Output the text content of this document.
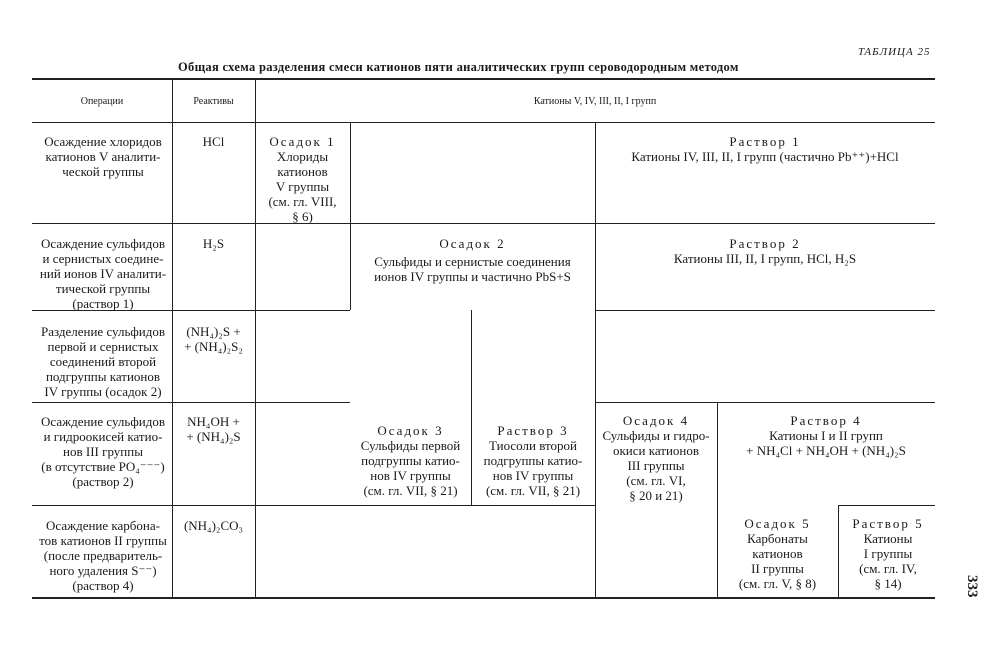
ТАБЛИЦА 25
Общая схема разделения смеси катионов пяти аналитических групп сероводородным методом
333
Операции	Реактивы	Катионы V, IV, III, II, I групп
Осаждение хлоридов
катионов V аналити-
ческой группы
Осаждение сульфидов
и сернистых соедине-
ний ионов IV аналити-
тической группы
(раствор 1)
Разделение сульфидов
первой и сернистых
соединений второй
подгруппы катионов
IV группы (осадок 2)
Осаждение сульфидов
и гидроокисей катио-
нов III группы
(в отсутствие PO₄⁻⁻⁻)
(раствор 2)
Осаждение карбона-
тов катионов II группы
(после предваритель-
ного удаления S⁻⁻)
(раствор 4)
HCl
H₂S
(NH₄)₂S +
+ (NH₄)₂S₂
NH₄OH +
+ (NH₄)₂S
(NH₄)₂CO₃
Осадок 1
Хлориды
катионов
V группы
(см. гл. VIII,
§ 6)
Раствор 1
Катионы IV, III, II, I групп (частично Pb⁺⁺)+HCl
Осадок 2
Сульфиды и сернистые соединения
ионов IV группы и частично PbS+S
Раствор 2
Катионы III, II, I групп, HCl, H₂S
Осадок 3
Сульфиды первой
подгруппы катио-
нов IV группы
(см. гл. VII, § 21)
Раствор 3
Тиосоли второй
подгруппы катио-
нов IV группы
(см. гл. VII, § 21)
Осадок 4
Сульфиды и гидро-
окиси катионов
III группы
(см. гл. VI,
§ 20 и 21)
Раствор 4
Катионы I и II групп
+ NH₄Cl + NH₄OH + (NH₄)₂S
Осадок 5
Карбонаты
катионов
II группы
(см. гл. V, § 8)
Раствор 5
Катионы
I группы
(см. гл. IV,
§ 14)
